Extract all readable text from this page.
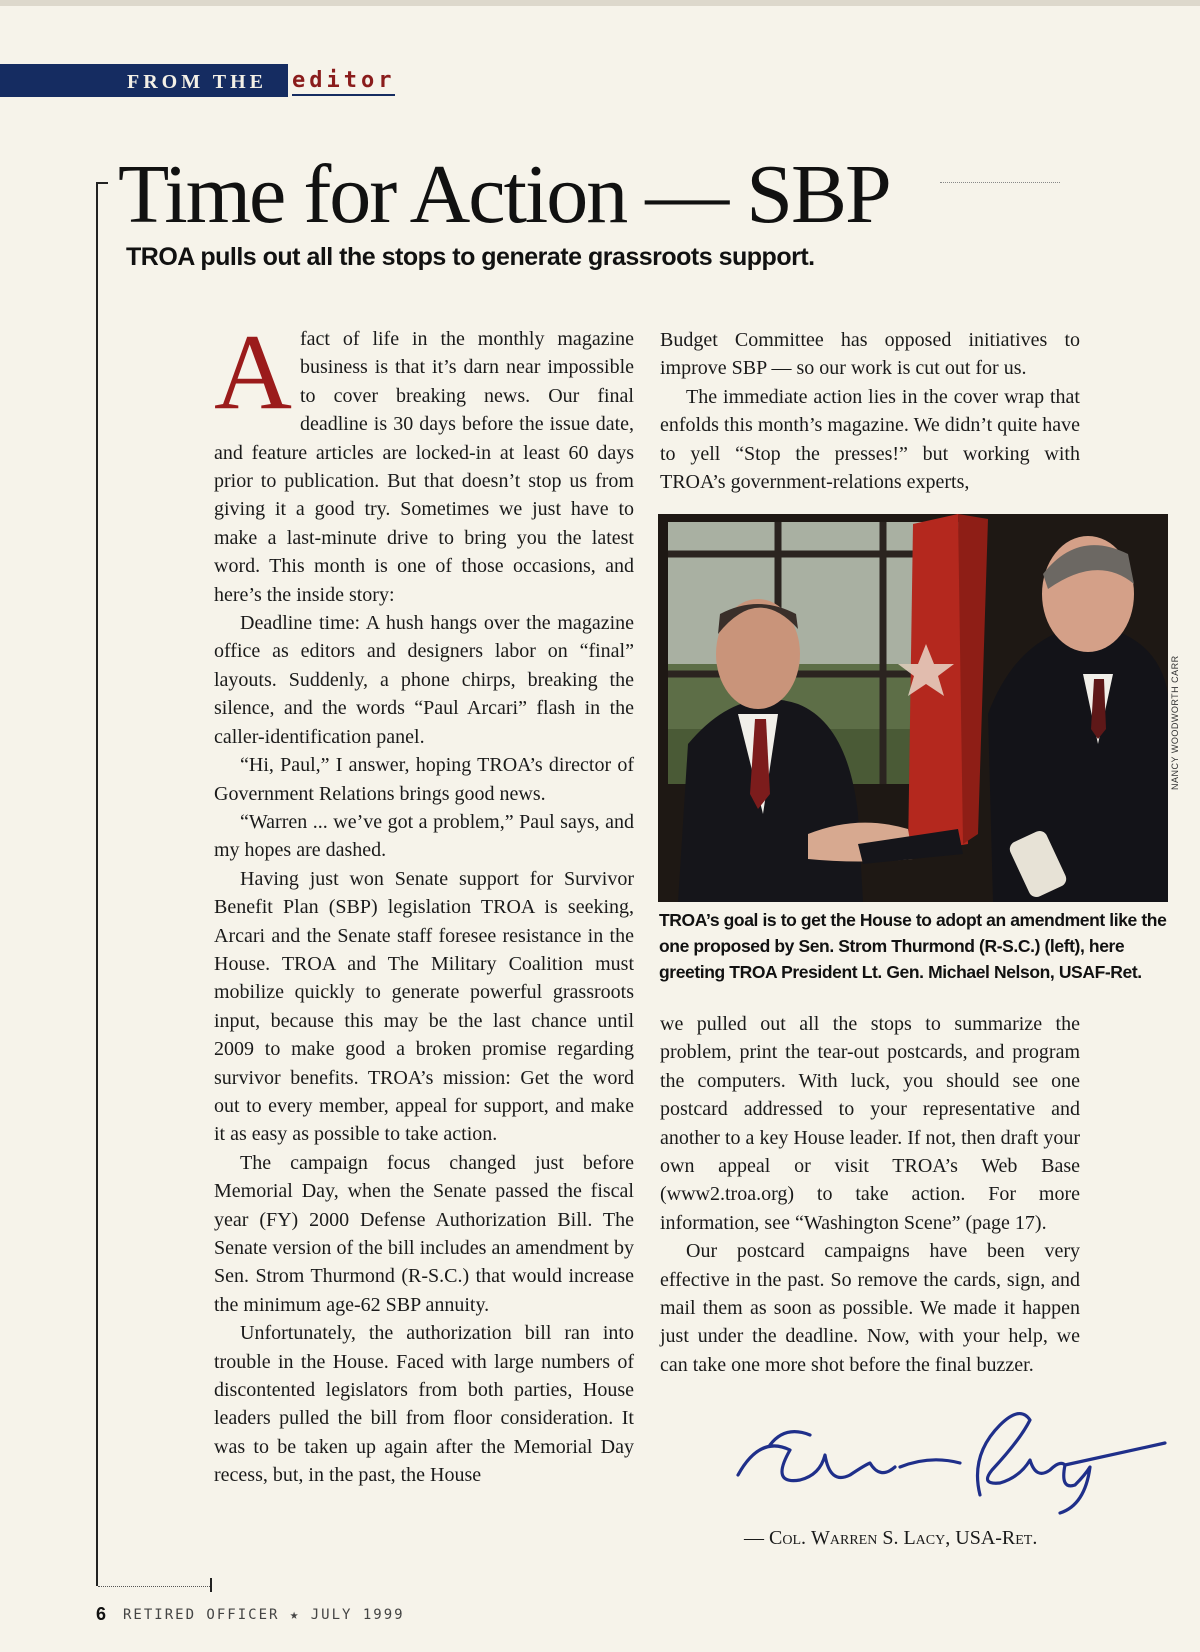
FROM THE editor
Time for Action — SBP
TROA pulls out all the stops to generate grassroots support.

A fact of life in the monthly magazine business is that it’s darn near impossible to cover breaking news. Our final deadline is 30 days before the issue date, and feature articles are locked-in at least 60 days prior to publication. But that doesn’t stop us from giving it a good try. Sometimes we just have to make a last-minute drive to bring you the latest word. This month is one of those occasions, and here’s the inside story:

Deadline time: A hush hangs over the magazine office as editors and designers labor on “final” layouts. Suddenly, a phone chirps, breaking the silence, and the words “Paul Arcari” flash in the caller-identification panel.

“Hi, Paul,” I answer, hoping TROA’s director of Government Relations brings good news.

“Warren ... we’ve got a problem,” Paul says, and my hopes are dashed.

Having just won Senate support for Survivor Benefit Plan (SBP) legislation TROA is seeking, Arcari and the Senate staff foresee resistance in the House. TROA and The Military Coalition must mobilize quickly to generate powerful grassroots input, because this may be the last chance until 2009 to make good a broken promise regarding survivor benefits. TROA’s mission: Get the word out to every member, appeal for support, and make it as easy as possible to take action.

The campaign focus changed just before Memorial Day, when the Senate passed the fiscal year (FY) 2000 Defense Authorization Bill. The Senate version of the bill includes an amendment by Sen. Strom Thurmond (R-S.C.) that would increase the minimum age-62 SBP annuity.

Unfortunately, the authorization bill ran into trouble in the House. Faced with large numbers of discontented legislators from both parties, House leaders pulled the bill from floor consideration. It was to be taken up again after the Memorial Day recess, but, in the past, the House

Budget Committee has opposed initiatives to improve SBP — so our work is cut out for us.

The immediate action lies in the cover wrap that enfolds this month’s magazine. We didn’t quite have to yell “Stop the presses!” but working with TROA’s government-relations experts,

NANCY WOODWORTH CARR
TROA’s goal is to get the House to adopt an amendment like the one proposed by Sen. Strom Thurmond (R-S.C.) (left), here greeting TROA President Lt. Gen. Michael Nelson, USAF-Ret.

we pulled out all the stops to summarize the problem, print the tear-out postcards, and program the computers. With luck, you should see one postcard addressed to your representative and another to a key House leader. If not, then draft your own appeal or visit TROA’s Web Base (www2.troa.org) to take action. For more information, see “Washington Scene” (page 17).

Our postcard campaigns have been very effective in the past. So remove the cards, sign, and mail them as soon as possible. We made it happen just under the deadline. Now, with your help, we can take one more shot before the final buzzer.

— Col. Warren S. Lacy, USA-Ret.
6 RETIRED OFFICER ★ JULY 1999
